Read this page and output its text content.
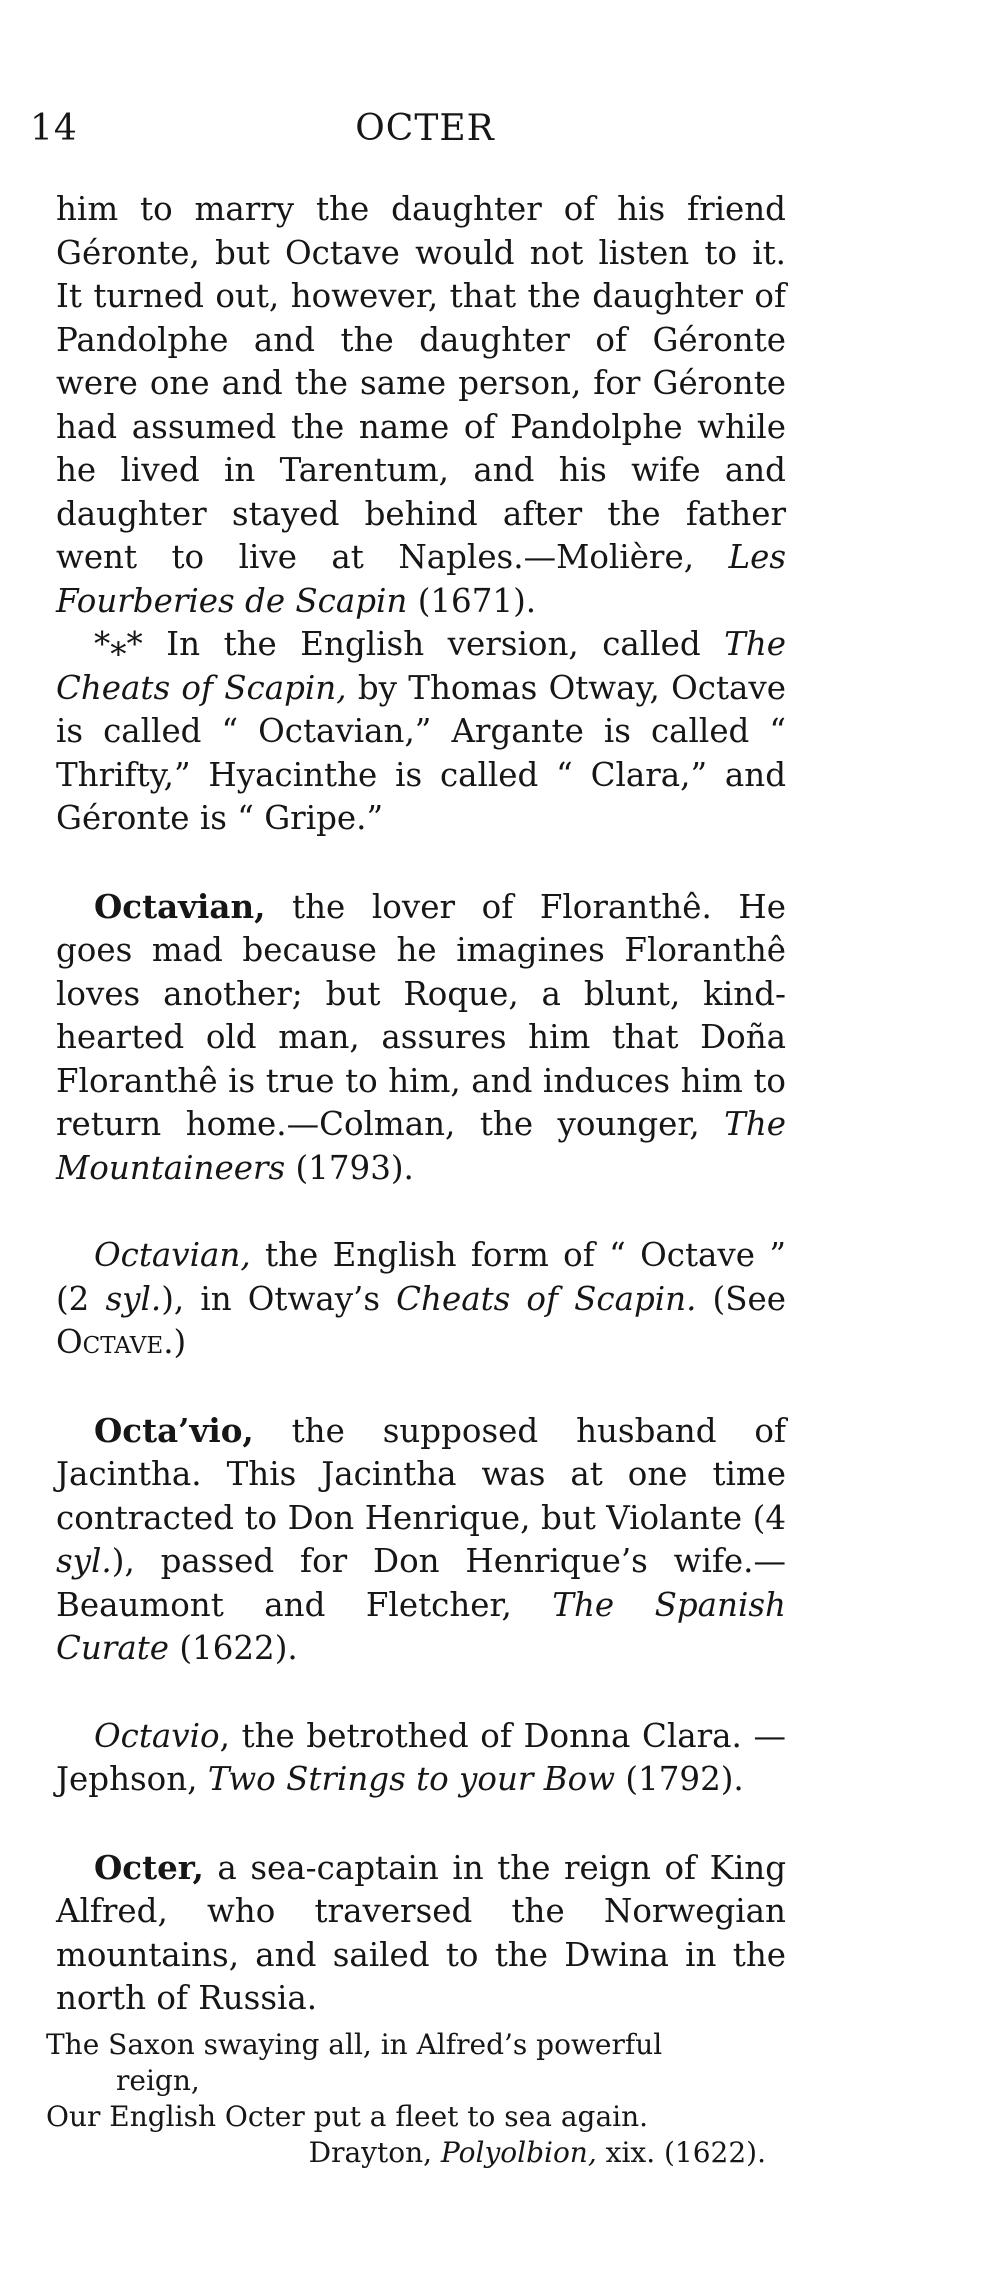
14	OCTER

him to marry the daughter of his friend Géronte, but Octave would not listen to it. It turned out, however, that the daughter of Pandolphe and the daughter of Géronte were one and the same person, for Géronte had assumed the name of Pandolphe while he lived in Tarentum, and his wife and daughter stayed behind after the father went to live at Naples.—Molière, Les Fourberies de Scapin (1671).

*⁎* In the English version, called The Cheats of Scapin, by Thomas Otway, Octave is called “ Octavian,” Argante is called “ Thrifty,” Hyacinthe is called “ Clara,” and Géronte is “ Gripe.”

Octavian, the lover of Floranthê. He goes mad because he imagines Floranthê loves another; but Roque, a blunt, kind-hearted old man, assures him that Doña Floranthê is true to him, and induces him to return home.—Colman, the younger, The Mountaineers (1793).

Octavian, the English form of “ Octave ” (2 syl.), in Otway’s Cheats of Scapin. (See Octave.)

Octa’vio, the supposed husband of Jacintha. This Jacintha was at one time contracted to Don Henrique, but Violante (4 syl.), passed for Don Henrique’s wife.—Beaumont and Fletcher, The Spanish Curate (1622).

Octavio, the betrothed of Donna Clara. —Jephson, Two Strings to your Bow (1792).

Octer, a sea-captain in the reign of King Alfred, who traversed the Norwegian mountains, and sailed to the Dwina in the north of Russia.

The Saxon swaying all, in Alfred’s powerful
reign,
Our English Octer put a fleet to sea again.
Drayton, Polyolbion, xix. (1622).
